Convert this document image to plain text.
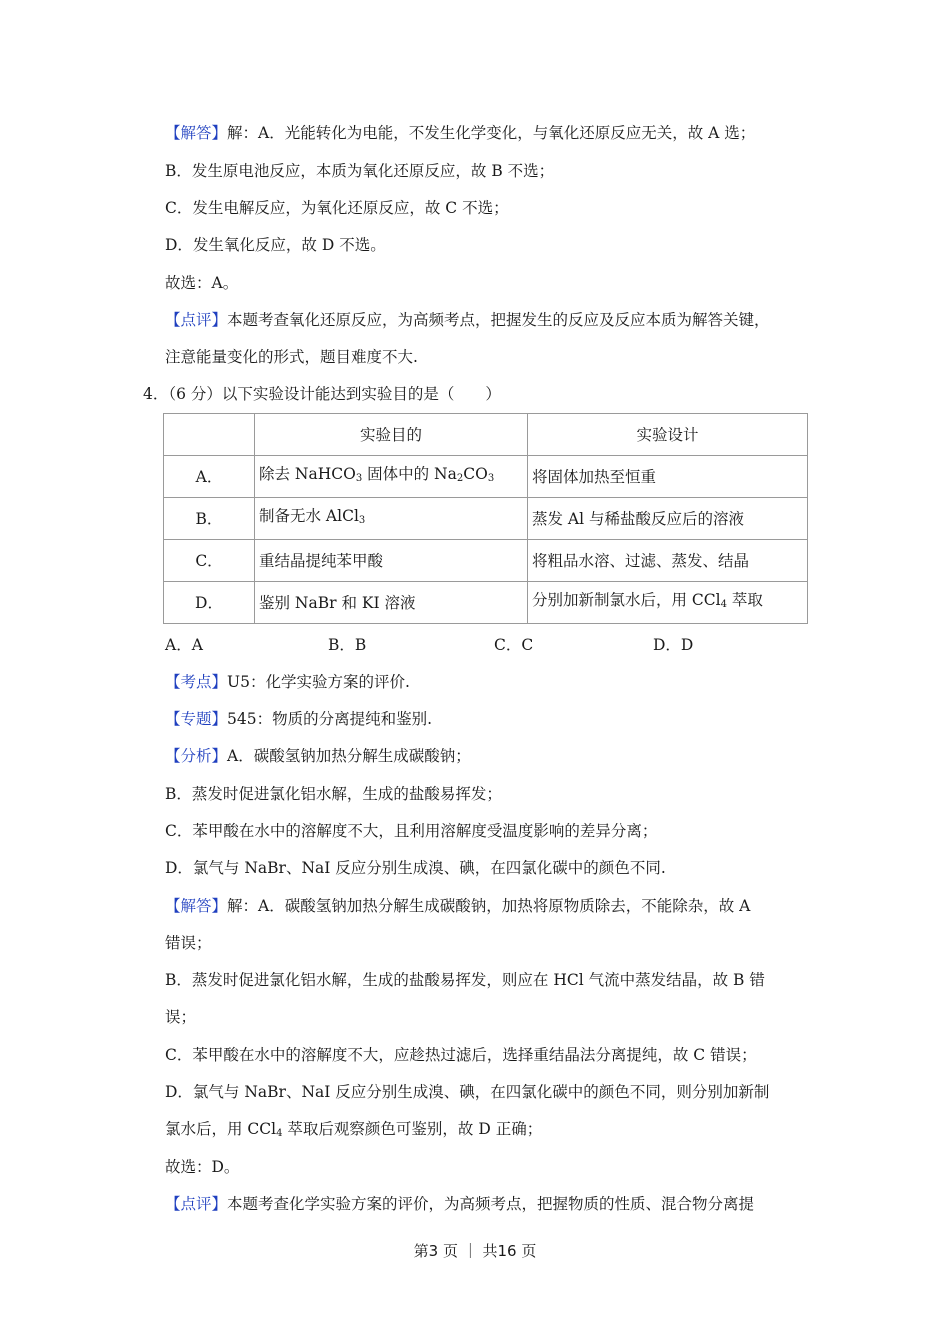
【解答】解：A．光能转化为电能，不发生化学变化，与氧化还原反应无关，故 A 选；
B．发生原电池反应，本质为氧化还原反应，故 B 不选；
C．发生电解反应，为氧化还原反应，故 C 不选；
D．发生氧化反应，故 D 不选。
故选：A。
【点评】本题考查氧化还原反应，为高频考点，把握发生的反应及反应本质为解答关键，
注意能量变化的形式，题目难度不大.
4．（6 分）以下实验设计能达到实验目的是（　　）
	实验目的	实验设计
A．	除去 NaHCO$_3$ 固体中的 $Na_2CO_3$	将固体加热至恒重
B．	制备无水 AlCl$_3$	蒸发 Al 与稀盐酸反应后的溶液
C．	重结晶提纯苯甲酸	将粗品水溶、过滤、蒸发、结晶
D．	鉴别 NaBr 和 KI 溶液	分别加新制氯水后，用 CCl$_4$ 萃取
A．A	B．B	C．C	D．D
【考点】U5：化学实验方案的评价.
【专题】545：物质的分离提纯和鉴别.
【分析】A．碳酸氢钠加热分解生成碳酸钠；
B．蒸发时促进氯化铝水解，生成的盐酸易挥发；
C．苯甲酸在水中的溶解度不大，且利用溶解度受温度影响的差异分离；
D．氯气与 NaBr、NaI 反应分别生成溴、碘，在四氯化碳中的颜色不同.
【解答】解：A．碳酸氢钠加热分解生成碳酸钠，加热将原物质除去，不能除杂，故 A
错误；
B．蒸发时促进氯化铝水解，生成的盐酸易挥发，则应在 HCl 气流中蒸发结晶，故 B 错
误；
C．苯甲酸在水中的溶解度不大，应趁热过滤后，选择重结晶法分离提纯，故 C 错误；
D．氯气与 NaBr、NaI 反应分别生成溴、碘，在四氯化碳中的颜色不同，则分别加新制
氯水后，用 CCl$_4$ 萃取后观察颜色可鉴别，故 D 正确；
故选：D。
【点评】本题考查化学实验方案的评价，为高频考点，把握物质的性质、混合物分离提
第3 页 ｜ 共16 页
